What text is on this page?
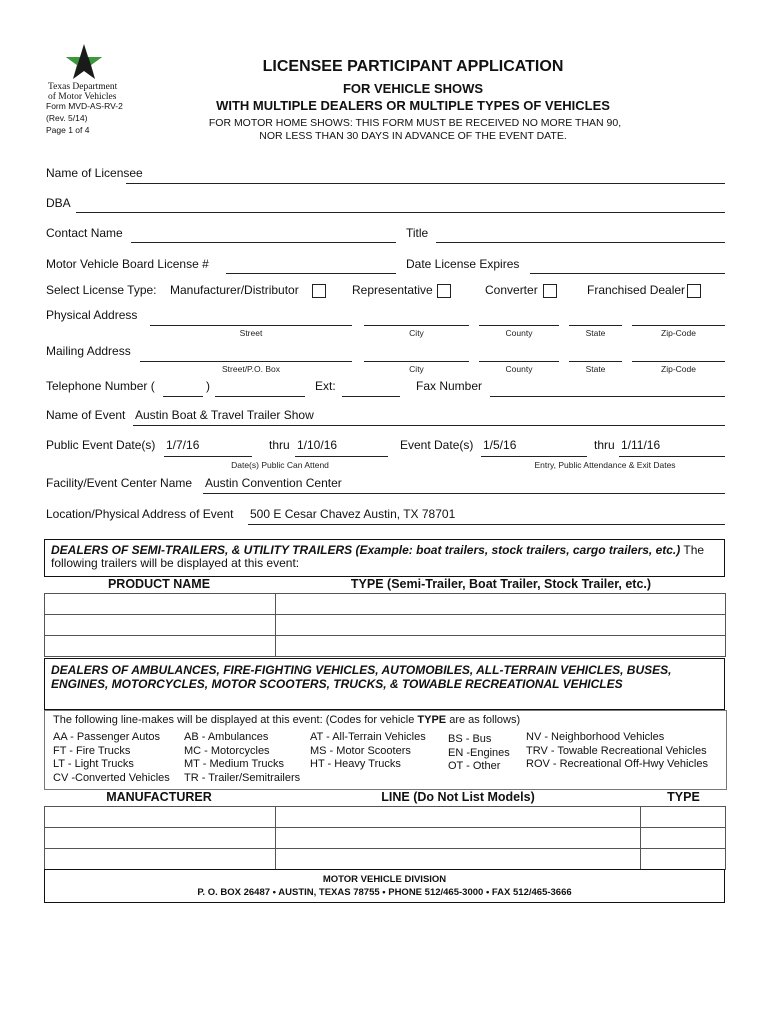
Texas Department
of Motor Vehicles
Form MVD-AS-RV-2
(Rev. 5/14)
Page 1 of 4
LICENSEE PARTICIPANT APPLICATION
FOR VEHICLE SHOWS
WITH MULTIPLE DEALERS OR MULTIPLE TYPES OF VEHICLES
FOR MOTOR HOME SHOWS: THIS FORM MUST BE RECEIVED NO MORE THAN 90,
NOR LESS THAN 30 DAYS IN ADVANCE OF THE EVENT DATE.
Name of Licensee
DBA
Contact Name	Title
Motor Vehicle Board License #	Date License Expires
Select License Type: Manufacturer/Distributor	Representative	Converter	Franchised Dealer
Physical Address
Street	City	County	State	Zip-Code
Mailing Address
Street/P.O. Box	City	County	State	Zip-Code
Telephone Number (	)	Ext:	Fax Number
Name of Event Austin Boat & Travel Trailer Show
Public Event Date(s) 1/7/16	thru 1/10/16
Date(s) Public Can Attend
Event Date(s) 1/5/16	thru 1/11/16
Entry, Public Attendance & Exit Dates
Facility/Event Center Name Austin Convention Center
Location/Physical Address of Event 500 E Cesar Chavez Austin, TX 78701
DEALERS OF SEMI-TRAILERS, & UTILITY TRAILERS (Example: boat trailers, stock trailers, cargo trailers, etc.) The following trailers will be displayed at this event:
PRODUCT NAME	TYPE (Semi-Trailer, Boat Trailer, Stock Trailer, etc.)

DEALERS OF AMBULANCES, FIRE-FIGHTING VEHICLES, AUTOMOBILES, ALL-TERRAIN VEHICLES, BUSES, ENGINES, MOTORCYCLES, MOTOR SCOOTERS, TRUCKS, & TOWABLE RECREATIONAL VEHICLES
The following line-makes will be displayed at this event: (Codes for vehicle TYPE are as follows)
AA - Passenger Autos
FT - Fire Trucks
LT - Light Trucks
CV -Converted Vehicles
AB - Ambulances
MC - Motorcycles
MT - Medium Trucks
TR - Trailer/Semitrailers
AT - All-Terrain Vehicles
MS - Motor Scooters
HT - Heavy Trucks
BS - Bus
EN -Engines
OT - Other
NV - Neighborhood Vehicles
TRV - Towable Recreational Vehicles
ROV - Recreational Off-Hwy Vehicles
MANUFACTURER	LINE (Do Not List Models)	TYPE

MOTOR VEHICLE DIVISION
P. O. BOX 26487 • AUSTIN, TEXAS 78755 • PHONE 512/465-3000 • FAX 512/465-3666
